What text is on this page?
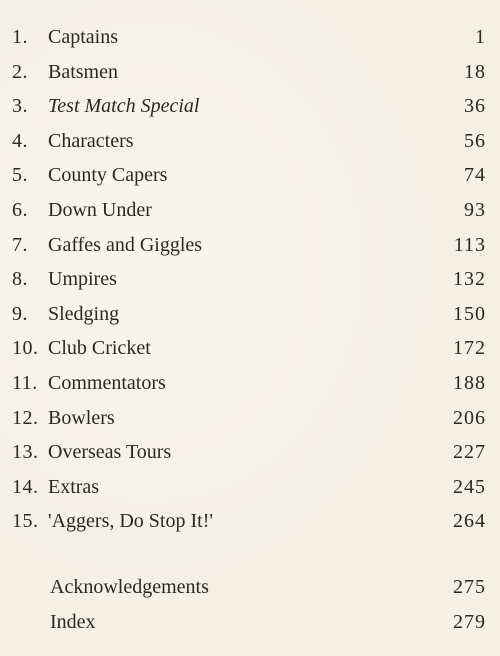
1. Captains	1
2. Batsmen	18
3. Test Match Special	36
4. Characters	56
5. County Capers	74
6. Down Under	93
7. Gaffes and Giggles	113
8. Umpires	132
9. Sledging	150
10. Club Cricket	172
11. Commentators	188
12. Bowlers	206
13. Overseas Tours	227
14. Extras	245
15. 'Aggers, Do Stop It!'	264
Acknowledgements	275
Index	279
